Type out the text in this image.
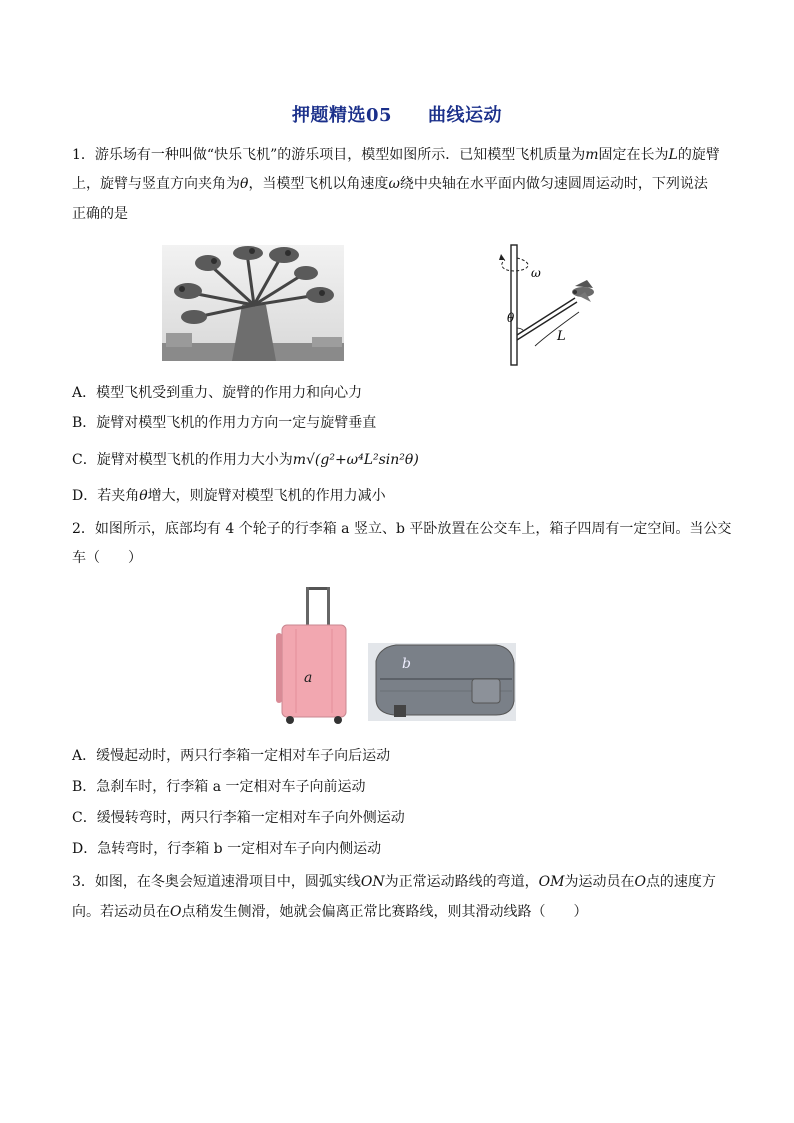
押题精选05 曲线运动
1．游乐场有一种叫做“快乐飞机”的游乐项目，模型如图所示．已知模型飞机质量为m固定在长为L的旋臂
上，旋臂与竖直方向夹角为θ，当模型飞机以角速度ω绕中央轴在水平面内做匀速圆周运动时，下列说法
正确的是
ω
θ
L
A．模型飞机受到重力、旋臂的作用力和向心力
B．旋臂对模型飞机的作用力方向一定与旋臂垂直
C．旋臂对模型飞机的作用力大小为m√(g²+ω⁴L²sin²θ)
D．若夹角θ增大，则旋臂对模型飞机的作用力减小
2．如图所示，底部均有 4 个轮子的行李箱 a 竖立、b 平卧放置在公交车上，箱子四周有一定空间。当公交
车（　　）
a
b
A．缓慢起动时，两只行李箱一定相对车子向后运动
B．急刹车时，行李箱 a 一定相对车子向前运动
C．缓慢转弯时，两只行李箱一定相对车子向外侧运动
D．急转弯时，行李箱 b 一定相对车子向内侧运动
3．如图，在冬奥会短道速滑项目中，圆弧实线ON为正常运动路线的弯道，OM为运动员在O点的速度方
向。若运动员在O点稍发生侧滑，她就会偏离正常比赛路线，则其滑动线路（　　）
